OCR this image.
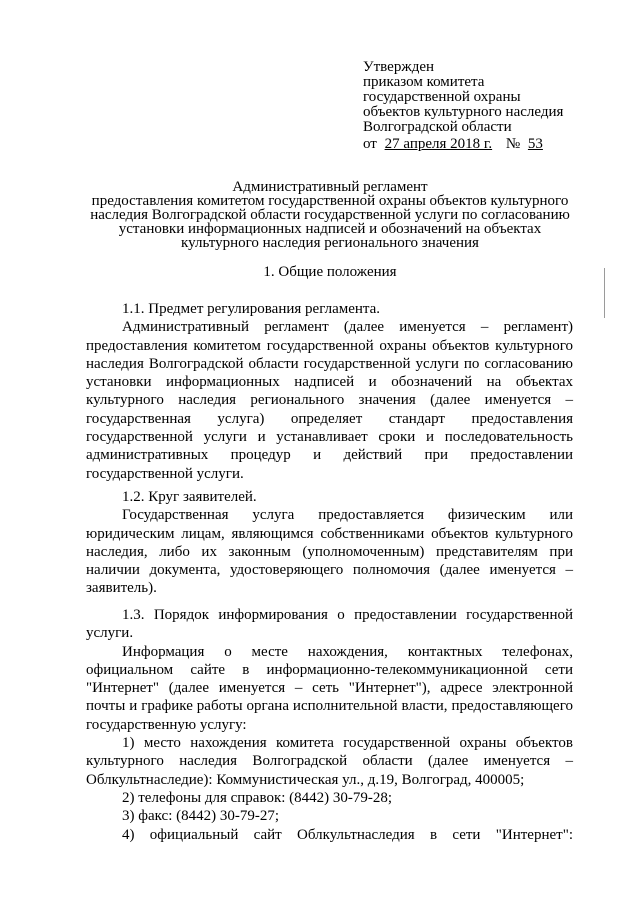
Утвержден
приказом комитета
государственной охраны
объектов культурного наследия
Волгоградской области
от 27 апреля 2018 г. № 53
Административный регламент
предоставления комитетом государственной охраны объектов культурного
наследия Волгоградской области государственной услуги по согласованию
установки информационных надписей и обозначений на объектах
культурного наследия регионального значения
1. Общие положения

1.1. Предмет регулирования регламента.

Административный регламент (далее именуется – регламент) предоставления комитетом государственной охраны объектов культурного наследия Волгоградской области государственной услуги по согласованию установки информационных надписей и обозначений на объектах культурного наследия регионального значения (далее именуется – государственная услуга) определяет стандарт предоставления государственной услуги и устанавливает сроки и последовательность административных процедур и действий при предоставлении государственной услуги.

1.2. Круг заявителей.

Государственная услуга предоставляется физическим или юридическим лицам, являющимся собственниками объектов культурного наследия, либо их законным (уполномоченным) представителям при наличии документа, удостоверяющего полномочия (далее именуется – заявитель).

1.3. Порядок информирования о предоставлении государственной услуги.

Информация о месте нахождения, контактных телефонах, официальном сайте в информационно-телекоммуникационной сети "Интернет" (далее именуется – сеть "Интернет"), адресе электронной почты и графике работы органа исполнительной власти, предоставляющего государственную услугу:

1) место нахождения комитета государственной охраны объектов культурного наследия Волгоградской области (далее именуется – Облкультнаследие): Коммунистическая ул., д.19, Волгоград, 400005;

2) телефоны для справок: (8442) 30-79-28;

3) факс: (8442) 30-79-27;

4) официальный сайт Облкультнаследия в сети "Интернет":
